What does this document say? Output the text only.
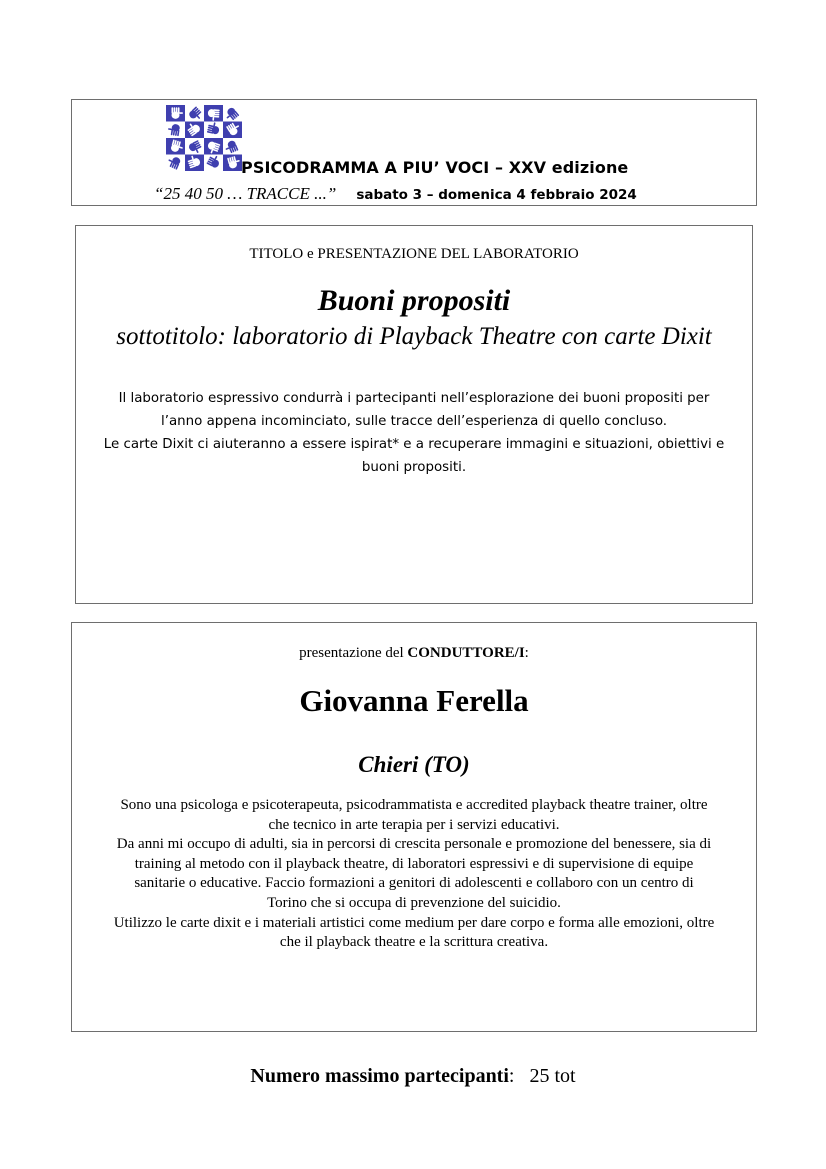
PSICODRAMMA A PIU’ VOCI – XXV edizione
“25 40 50 … TRACCE ...” sabato 3 – domenica 4 febbraio 2024
TITOLO e PRESENTAZIONE DEL LABORATORIO
Buoni propositi
sottotitolo: laboratorio di Playback Theatre con carte Dixit

Il laboratorio espressivo condurrà i partecipanti nell’esplorazione dei buoni propositi per

l’anno appena incominciato, sulle tracce dell’esperienza di quello concluso.

Le carte Dixit ci aiuteranno a essere ispirat* e a recuperare immagini e situazioni, obiettivi e

buoni propositi.

presentazione del CONDUTTORE/I:
Giovanna Ferella
Chieri (TO)

Sono una psicologa e psicoterapeuta, psicodrammatista e accredited playback theatre trainer, oltre

che tecnico in arte terapia per i servizi educativi.

Da anni mi occupo di adulti, sia in percorsi di crescita personale e promozione del benessere, sia di

training al metodo con il playback theatre, di laboratori espressivi e di supervisione di equipe

sanitarie o educative. Faccio formazioni a genitori di adolescenti e collaboro con un centro di

Torino che si occupa di prevenzione del suicidio.

Utilizzo le carte dixit e i materiali artistici come medium per dare corpo e forma alle emozioni, oltre

che il playback theatre e la scrittura creativa.

Numero massimo partecipanti: 25 tot
